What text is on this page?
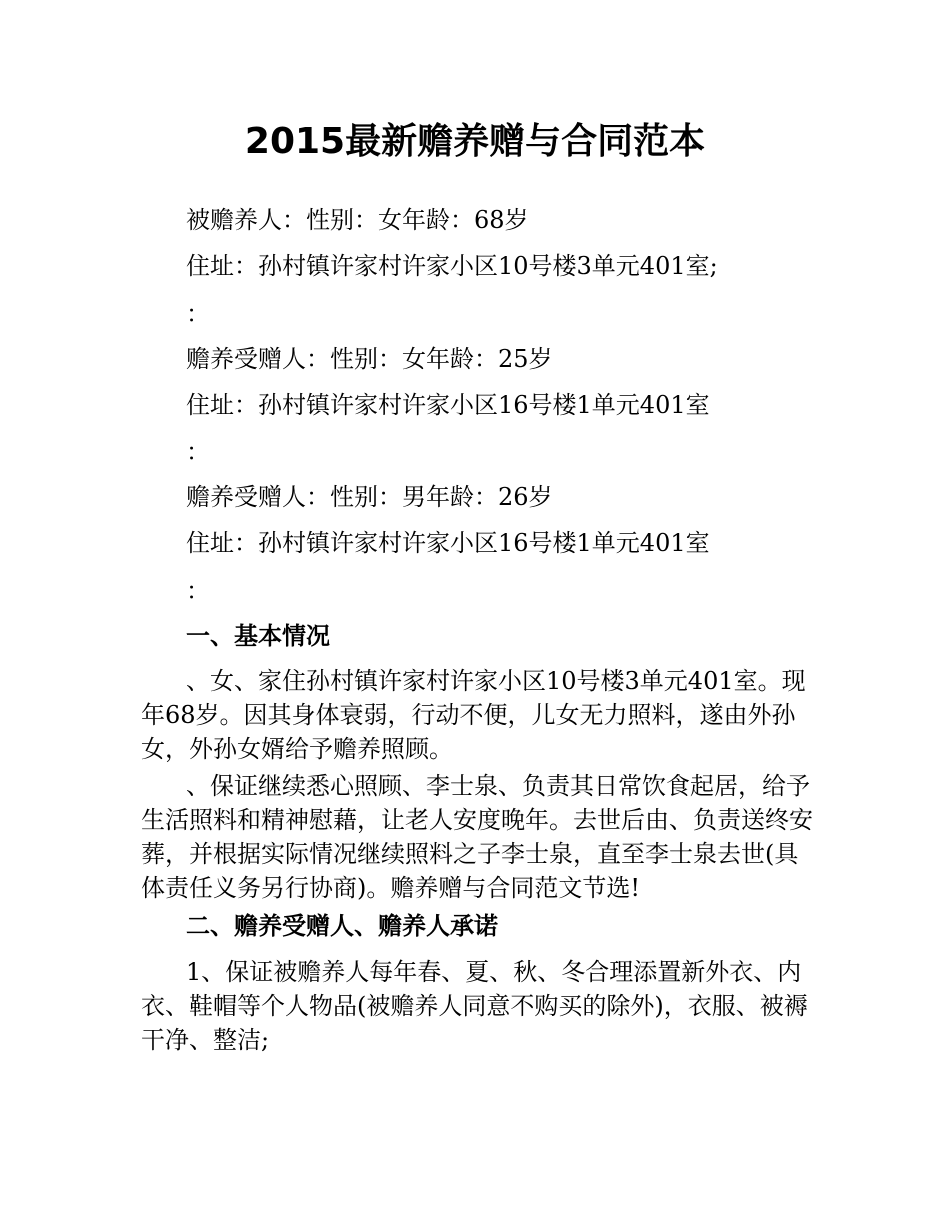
2015最新赡养赠与合同范本

被赡养人：性别：女年龄：68岁

住址：孙村镇许家村许家小区10号楼3单元401室;

：

赡养受赠人：性别：女年龄：25岁

住址：孙村镇许家村许家小区16号楼1单元401室

：

赡养受赠人：性别：男年龄：26岁

住址：孙村镇许家村许家小区16号楼1单元401室

：

一、基本情况

、女、家住孙村镇许家村许家小区10号楼3单元401室。现年68岁。因其身体衰弱，行动不便，儿女无力照料，遂由外孙女，外孙女婿给予赡养照顾。

、保证继续悉心照顾、李士泉、负责其日常饮食起居，给予生活照料和精神慰藉，让老人安度晚年。去世后由、负责送终安葬，并根据实际情况继续照料之子李士泉，直至李士泉去世(具体责任义务另行协商)。赡养赠与合同范文节选!

二、赡养受赠人、赡养人承诺

1、保证被赡养人每年春、夏、秋、冬合理添置新外衣、内衣、鞋帽等个人物品(被赡养人同意不购买的除外)，衣服、被褥干净、整洁;
